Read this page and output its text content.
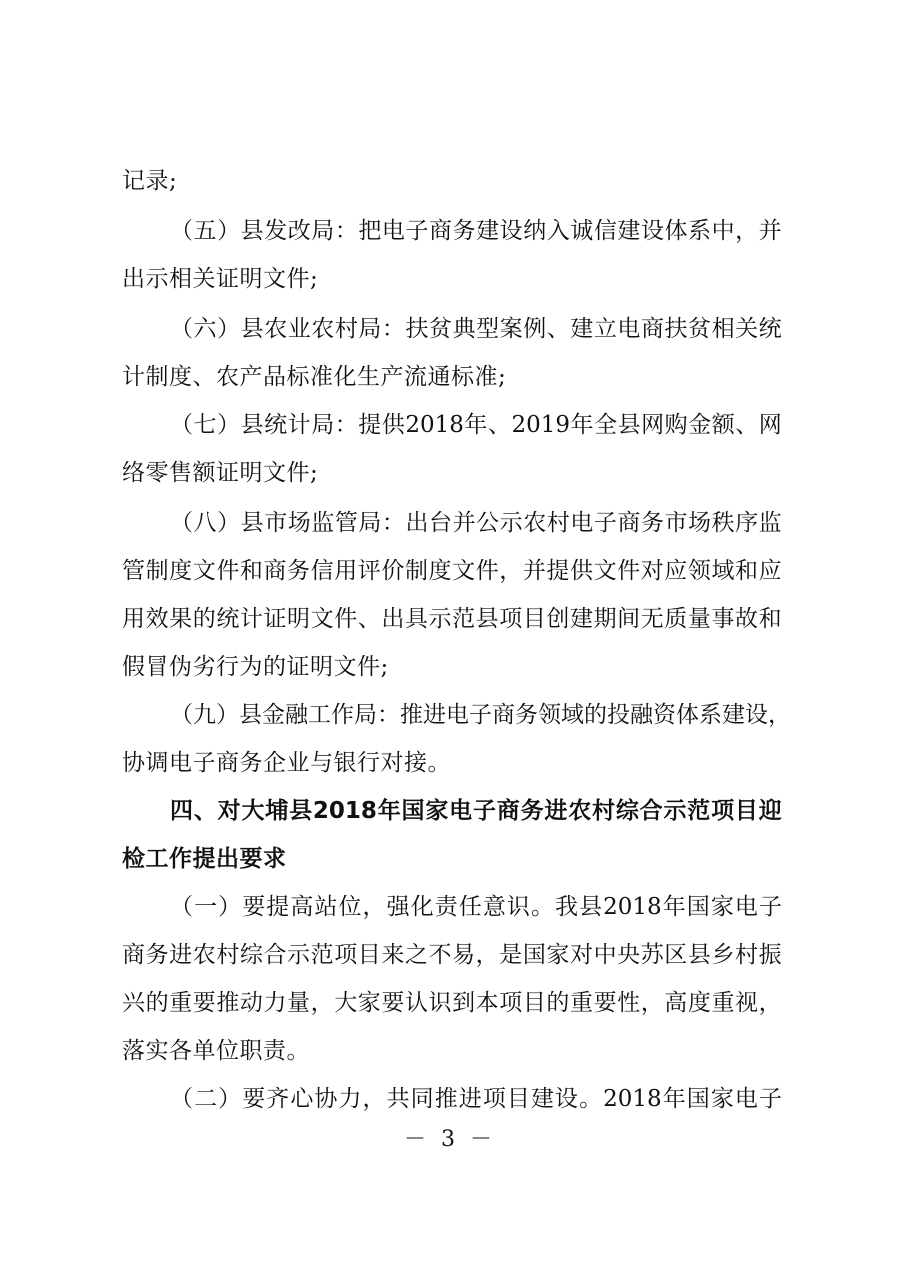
记录;
（ 五 ） 县 发 改 局 ： 把 电 子 商 务 建 设 纳 入 诚 信 建 设 体 系 中 ， 并
出示相关证明文件;
（ 六 ） 县 农 业 农 村 局 ： 扶 贫 典 型 案 例 、 建 立 电 商 扶 贫 相 关 统
计制度、农产品标准化生产流通标准;
（ 七 ） 县 统 计 局 ： 提 供 2018 年 、 2019 年 全 县 网 购 金 额 、 网
络零售额证明文件;
（ 八 ） 县 市 场 监 管 局 ： 出 台 并 公 示 农 村 电 子 商 务 市 场 秩 序 监
管 制 度 文 件 和 商 务 信 用 评 价 制 度 文 件 ， 并 提 供 文 件 对 应 领 域 和 应
用 效 果 的 统 计 证 明 文 件 、 出 具 示 范 县 项 目 创 建 期 间 无 质 量 事 故 和
假冒伪劣行为的证明文件;
（ 九 ） 县 金 融 工 作 局 ： 推 进 电 子 商 务 领 域 的 投 融 资 体 系 建 设 ，
协调电子商务企业与银行对接。
四 、 对 大 埔 县 2018 年 国 家 电 子 商 务 进 农 村 综 合 示 范 项 目 迎
检工作提出要求
（ 一 ） 要 提 高 站 位 ， 强 化 责 任 意 识 。 我 县 2018 年 国 家 电 子
商 务 进 农 村 综 合 示 范 项 目 来 之 不 易 ， 是 国 家 对 中 央 苏 区 县 乡 村 振
兴 的 重 要 推 动 力 量 ， 大 家 要 认 识 到 本 项 目 的 重 要 性 ， 高 度 重 视 ，
落实各单位职责。
（ 二 ） 要 齐 心 协 力 ， 共 同 推 进 项 目 建 设 。 2018 年 国 家 电 子
－ 3 －
